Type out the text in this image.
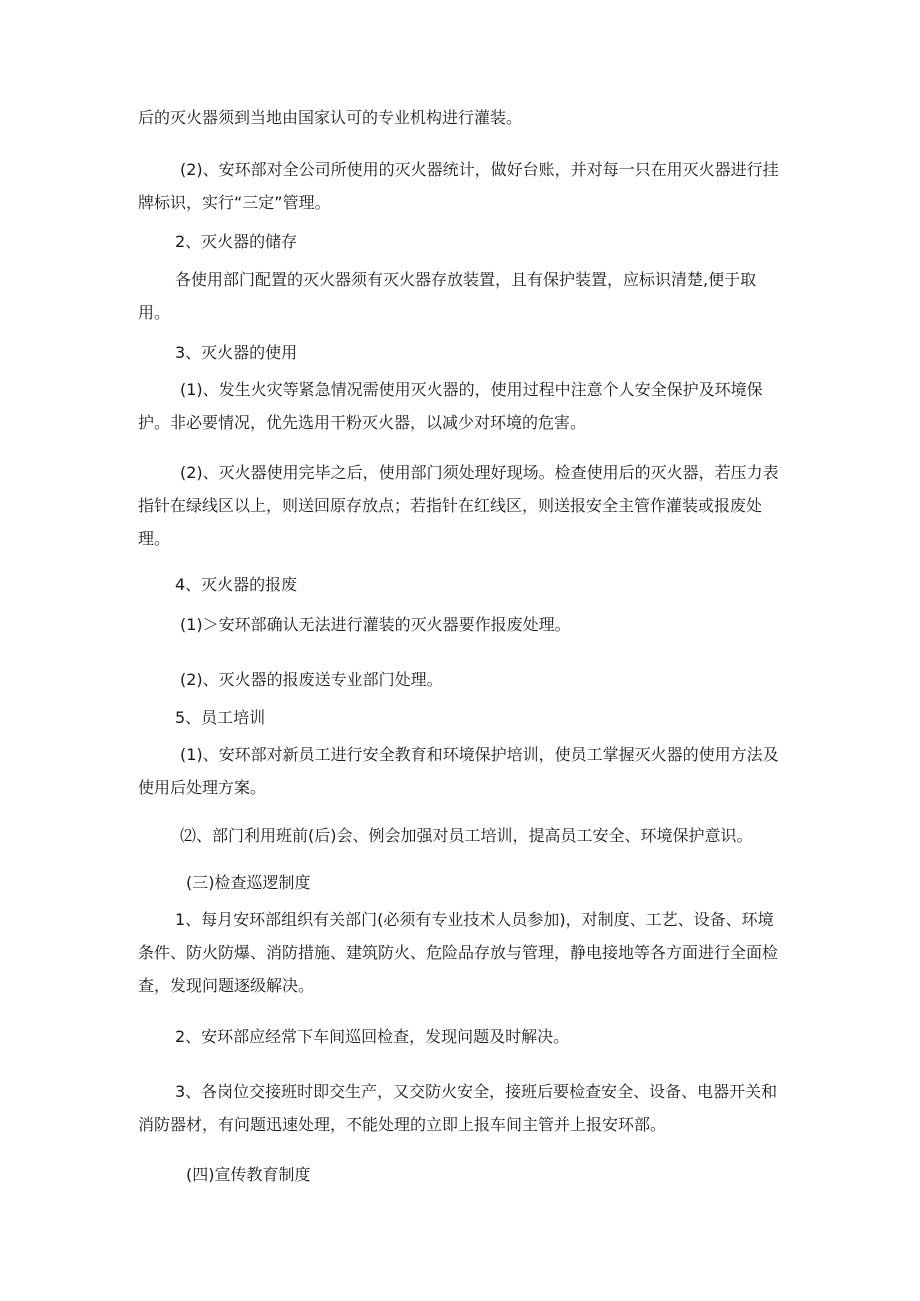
后的灭火器须到当地由国家认可的专业机构进行灌装。

(2)、安环部对全公司所使用的灭火器统计，做好台账，并对每一只在用灭火器进行挂牌标识，实行“三定”管理。

2、灭火器的储存

各使用部门配置的灭火器须有灭火器存放装置，且有保护装置，应标识清楚,便于取用。

3、灭火器的使用

(1)、发生火灾等紧急情况需使用灭火器的，使用过程中注意个人安全保护及环境保护。非必要情况，优先选用干粉灭火器，以减少对环境的危害。

(2)、灭火器使用完毕之后，使用部门须处理好现场。检查使用后的灭火器，若压力表指针在绿线区以上，则送回原存放点；若指针在红线区，则送报安全主管作灌装或报废处理。

4、灭火器的报废

(1)＞安环部确认无法进行灌装的灭火器要作报废处理。

(2)、灭火器的报废送专业部门处理。

5、员工培训

(1)、安环部对新员工进行安全教育和环境保护培训，使员工掌握灭火器的使用方法及使用后处理方案。

⑵、部门利用班前(后)会、例会加强对员工培训，提高员工安全、环境保护意识。

(三)检查巡逻制度

1、每月安环部组织有关部门(必须有专业技术人员参加)，对制度、工艺、设备、环境条件、防火防爆、消防措施、建筑防火、危险品存放与管理，静电接地等各方面进行全面检查，发现问题逐级解决。

2、安环部应经常下车间巡回检查，发现问题及时解决。

3、各岗位交接班时即交生产，又交防火安全，接班后要检查安全、设备、电器开关和消防器材，有问题迅速处理，不能处理的立即上报车间主管并上报安环部。

(四)宣传教育制度
